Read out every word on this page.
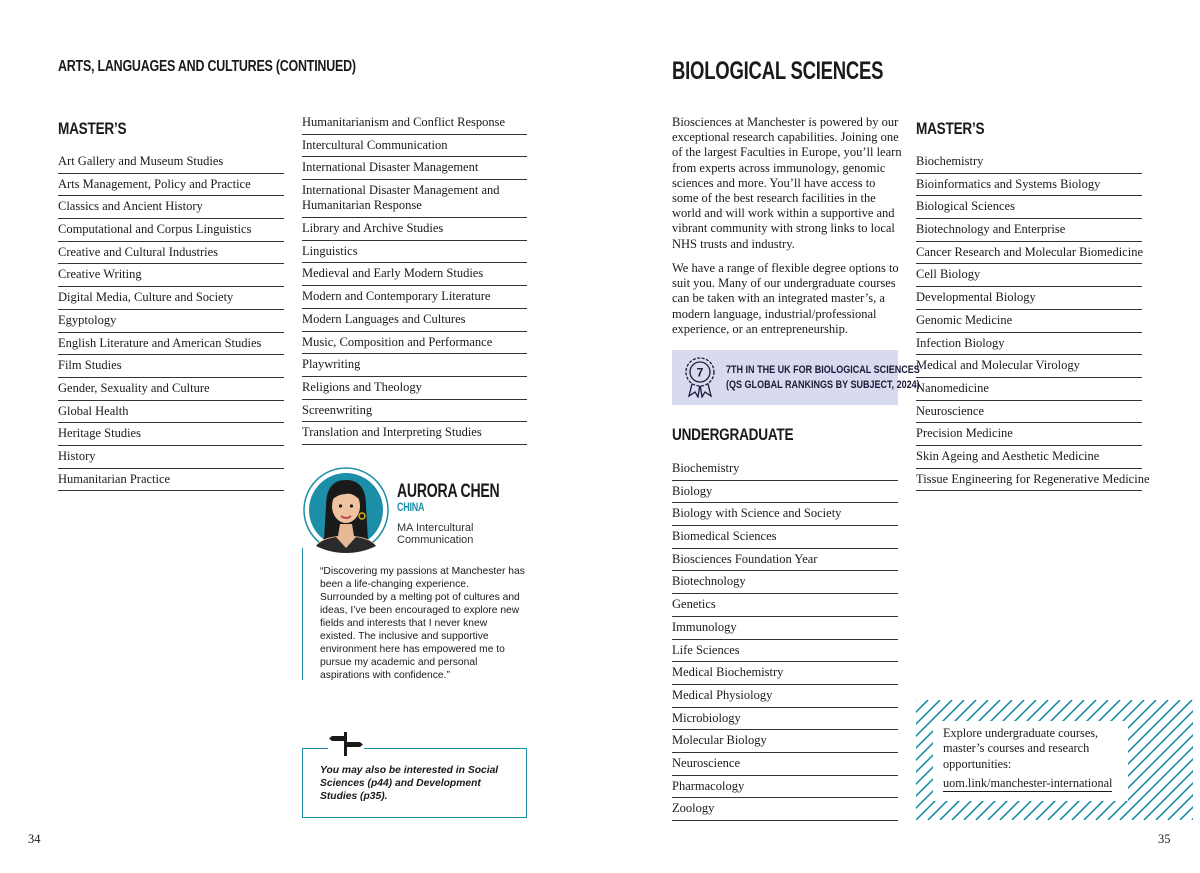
ARTS, LANGUAGES AND CULTURES (CONTINUED)
MASTER’S
Art Gallery and Museum Studies
Arts Management, Policy and Practice
Classics and Ancient History
Computational and Corpus Linguistics
Creative and Cultural Industries
Creative Writing
Digital Media, Culture and Society
Egyptology
English Literature and American Studies
Film Studies
Gender, Sexuality and Culture
Global Health
Heritage Studies
History
Humanitarian Practice
Humanitarianism and Conflict Response
Intercultural Communication
International Disaster Management
International Disaster Management and Humanitarian Response
Library and Archive Studies
Linguistics
Medieval and Early Modern Studies
Modern and Contemporary Literature
Modern Languages and Cultures
Music, Composition and Performance
Playwriting
Religions and Theology
Screenwriting
Translation and Interpreting Studies
AURORA CHEN
CHINA
MA Intercultural
Communication
“Discovering my passions at Manchester has been a life-changing experience. Surrounded by a melting pot of cultures and ideas, I’ve been encouraged to explore new fields and interests that I never knew existed. The inclusive and supportive environment here has empowered me to pursue my academic and personal aspirations with confidence.”
You may also be interested in Social Sciences (p44) and Development Studies (p35).
34
BIOLOGICAL SCIENCES
Biosciences at Manchester is powered by our exceptional research capabilities. Joining one of the largest Faculties in Europe, you’ll learn from experts across immunology, genomic sciences and more. You’ll have access to some of the best research facilities in the world and will work within a supportive and vibrant community with strong links to local NHS trusts and industry.
We have a range of flexible degree options to suit you. Many of our undergraduate courses can be taken with an integrated master’s, a modern language, industrial/professional experience, or an entrepreneurship.
7 7TH IN THE UK FOR BIOLOGICAL SCIENCES
(QS GLOBAL RANKINGS BY SUBJECT, 2024)
UNDERGRADUATE
Biochemistry
Biology
Biology with Science and Society
Biomedical Sciences
Biosciences Foundation Year
Biotechnology
Genetics
Immunology
Life Sciences
Medical Biochemistry
Medical Physiology
Microbiology
Molecular Biology
Neuroscience
Pharmacology
Zoology
MASTER’S
Biochemistry
Bioinformatics and Systems Biology
Biological Sciences
Biotechnology and Enterprise
Cancer Research and Molecular Biomedicine
Cell Biology
Developmental Biology
Genomic Medicine
Infection Biology
Medical and Molecular Virology
Nanomedicine
Neuroscience
Precision Medicine
Skin Ageing and Aesthetic Medicine
Tissue Engineering for Regenerative Medicine
Explore undergraduate courses, master’s courses and research opportunities:
uom.link/manchester-international
35
